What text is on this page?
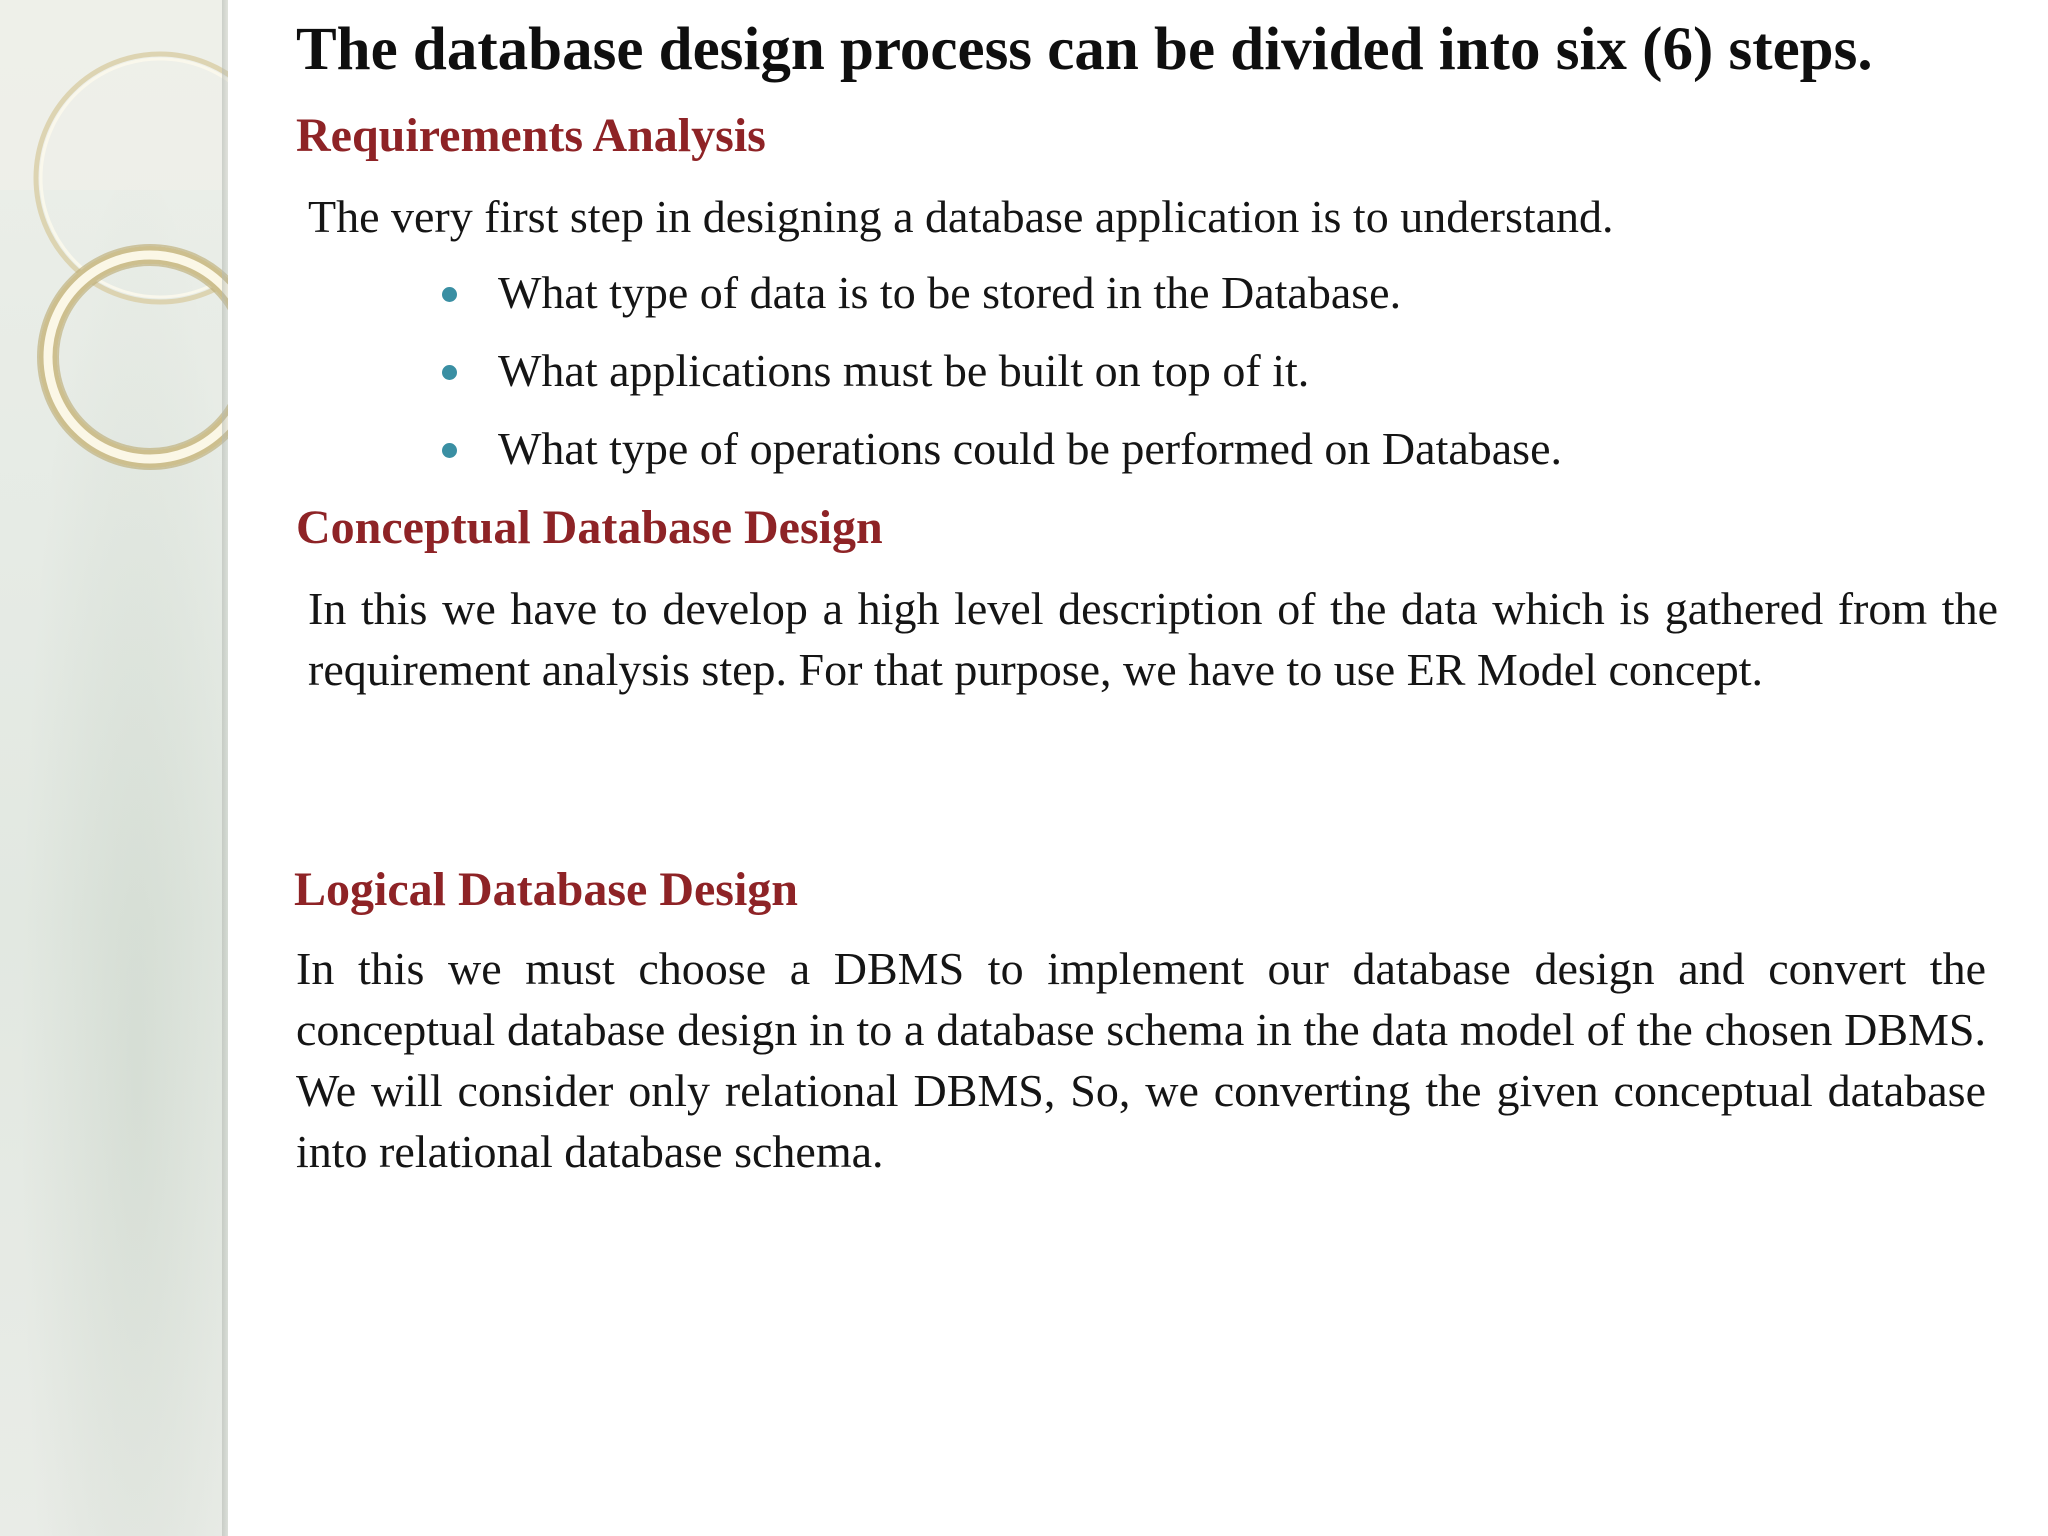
The database design process can be divided into six (6) steps.
Requirements Analysis
The very first step in designing a database application is to understand.
What type of data is to be stored in the Database.
What applications must be built on top of it.
What type of operations could be performed on Database.
Conceptual Database Design
In this we have to develop a high level description of the data which is gathered from the requirement analysis step. For that purpose, we have to use ER Model concept.
Logical Database Design
In this we must choose a DBMS to implement our database design and convert the conceptual database design in to a database schema in the data model of the chosen DBMS. We will consider only relational DBMS, So, we converting the given conceptual database into relational database schema.
